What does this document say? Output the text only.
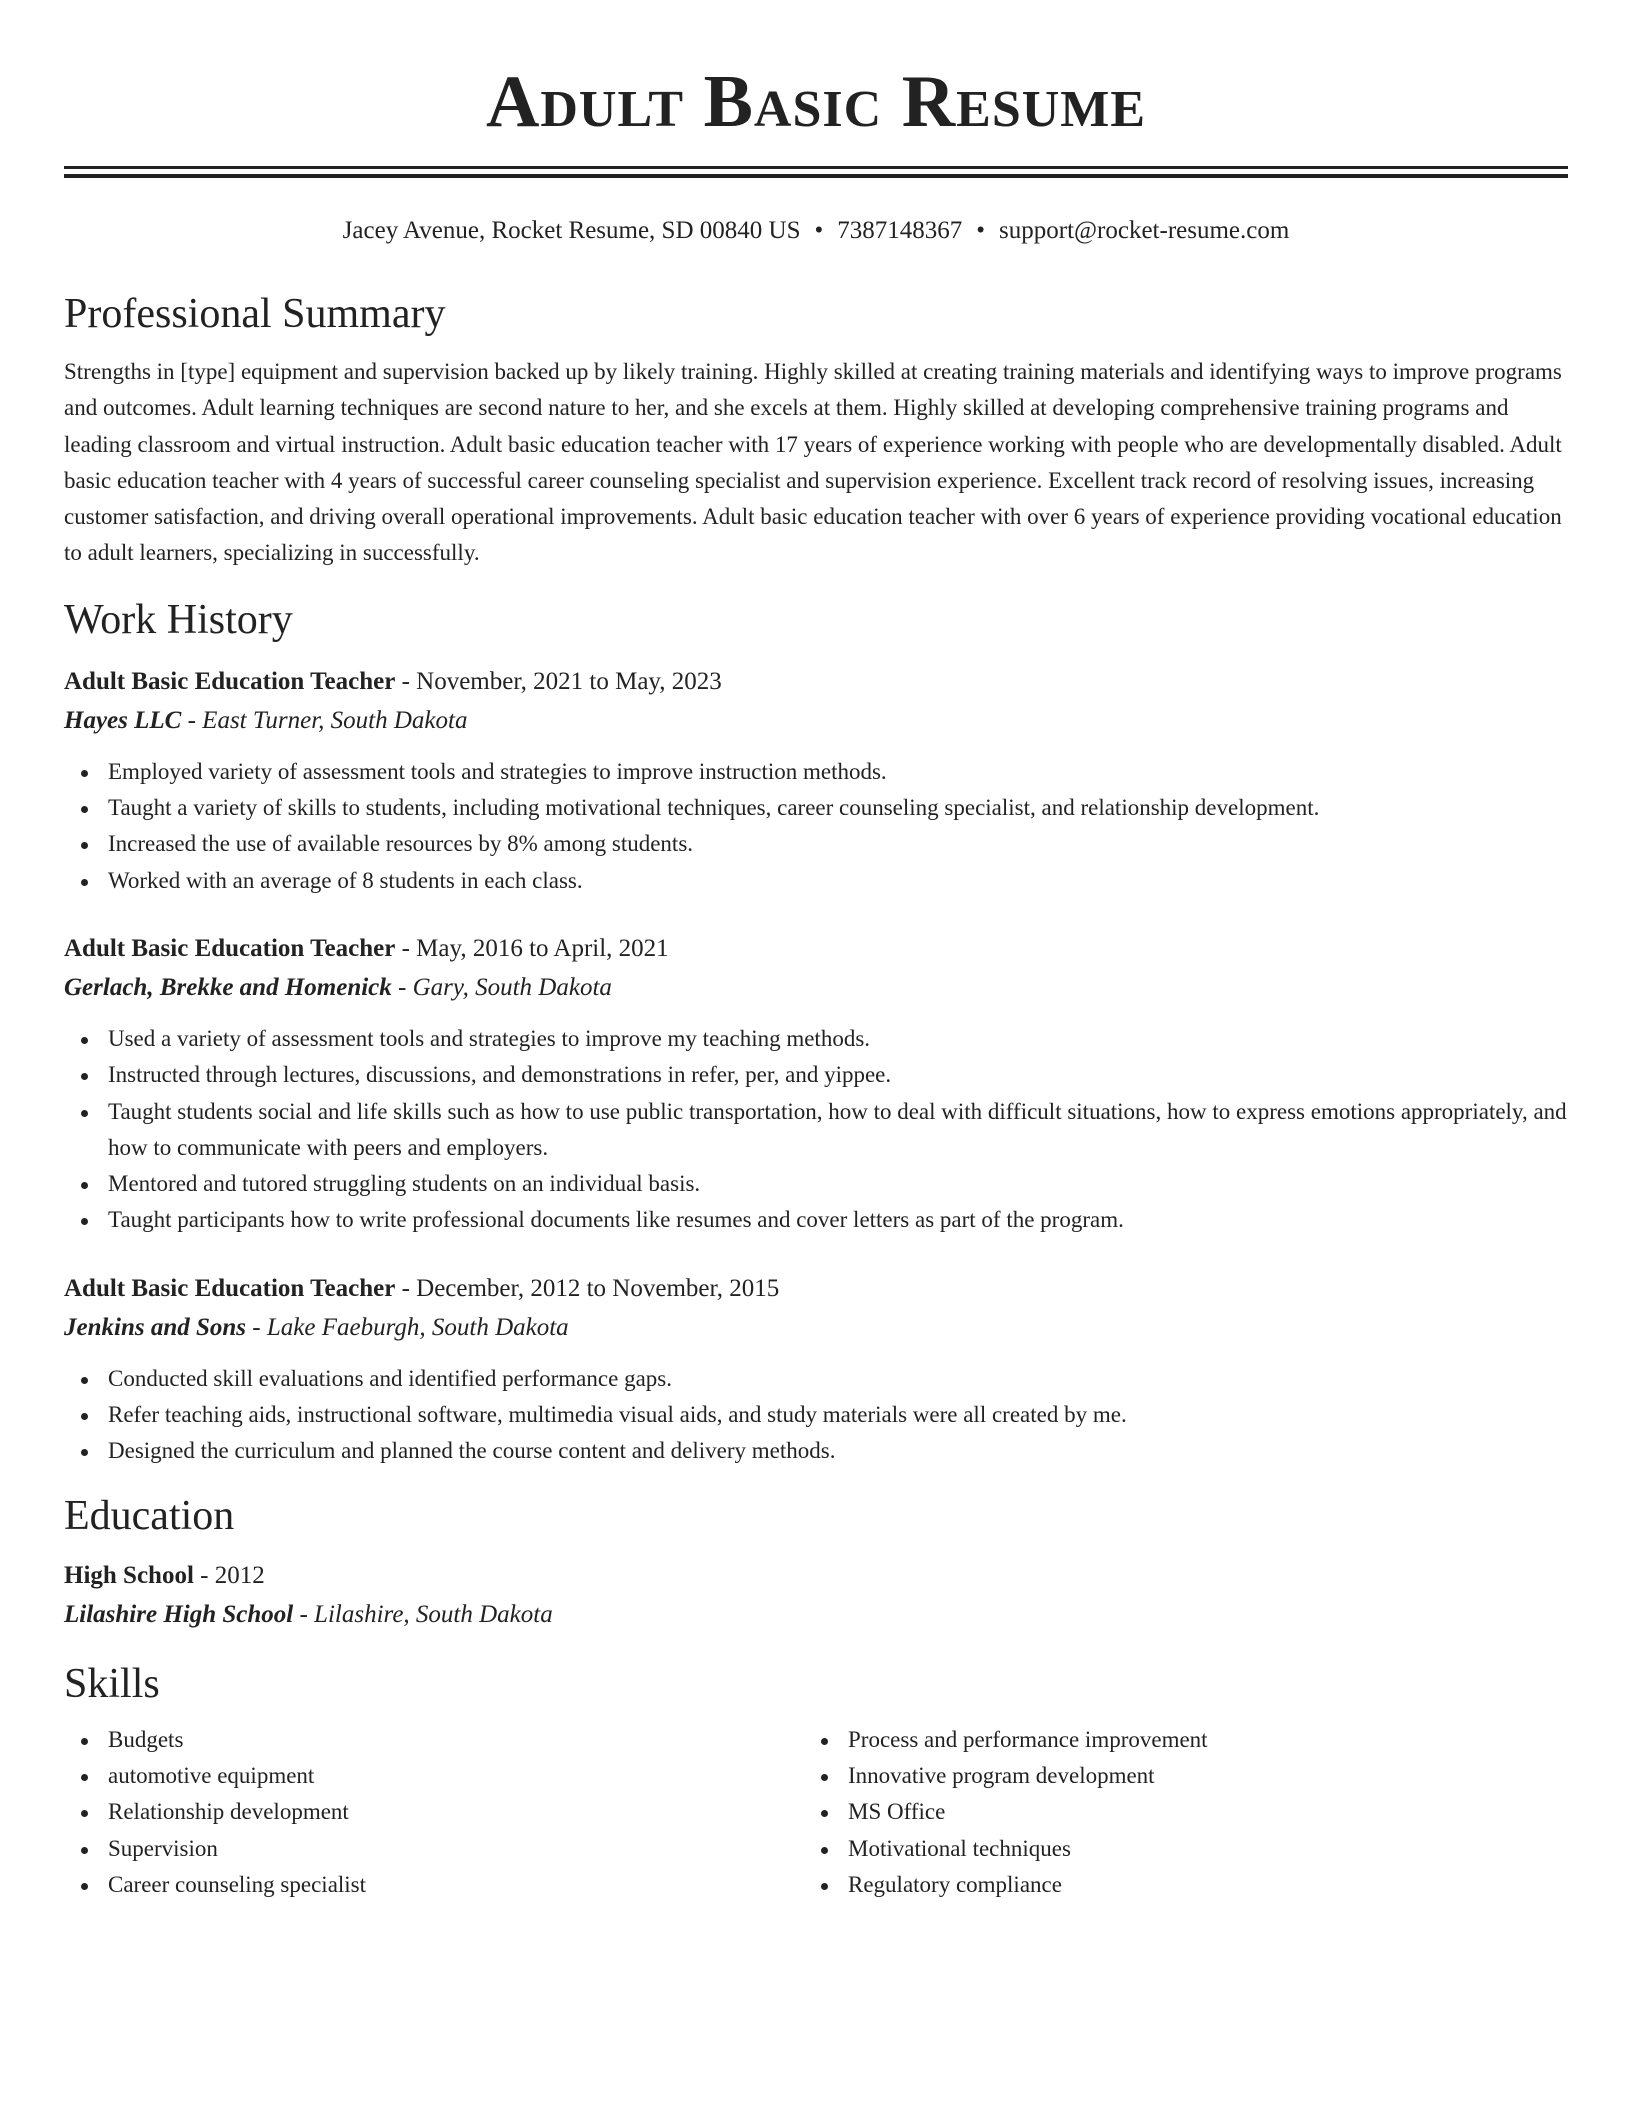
Adult Basic Resume
Jacey Avenue, Rocket Resume, SD 00840 US • 7387148367 • support@rocket-resume.com
Professional Summary

Strengths in [type] equipment and supervision backed up by likely training. Highly skilled at creating training materials and identifying ways to improve programs and outcomes. Adult learning techniques are second nature to her, and she excels at them. Highly skilled at developing comprehensive training programs and leading classroom and virtual instruction. Adult basic education teacher with 17 years of experience working with people who are developmentally disabled. Adult basic education teacher with 4 years of successful career counseling specialist and supervision experience. Excellent track record of resolving issues, increasing customer satisfaction, and driving overall operational improvements. Adult basic education teacher with over 6 years of experience providing vocational education to adult learners, specializing in successfully.

Work History
Adult Basic Education Teacher - November, 2021 to May, 2023
Hayes LLC - East Turner, South Dakota
Employed variety of assessment tools and strategies to improve instruction methods.
Taught a variety of skills to students, including motivational techniques, career counseling specialist, and relationship development.
Increased the use of available resources by 8% among students.
Worked with an average of 8 students in each class.
Adult Basic Education Teacher - May, 2016 to April, 2021
Gerlach, Brekke and Homenick - Gary, South Dakota
Used a variety of assessment tools and strategies to improve my teaching methods.
Instructed through lectures, discussions, and demonstrations in refer, per, and yippee.
Taught students social and life skills such as how to use public transportation, how to deal with difficult situations, how to express emotions appropriately, and how to communicate with peers and employers.
Mentored and tutored struggling students on an individual basis.
Taught participants how to write professional documents like resumes and cover letters as part of the program.
Adult Basic Education Teacher - December, 2012 to November, 2015
Jenkins and Sons - Lake Faeburgh, South Dakota
Conducted skill evaluations and identified performance gaps.
Refer teaching aids, instructional software, multimedia visual aids, and study materials were all created by me.
Designed the curriculum and planned the course content and delivery methods.
Education
High School - 2012
Lilashire High School - Lilashire, South Dakota
Skills
Budgets
automotive equipment
Relationship development
Supervision
Career counseling specialist
Process and performance improvement
Innovative program development
MS Office
Motivational techniques
Regulatory compliance
